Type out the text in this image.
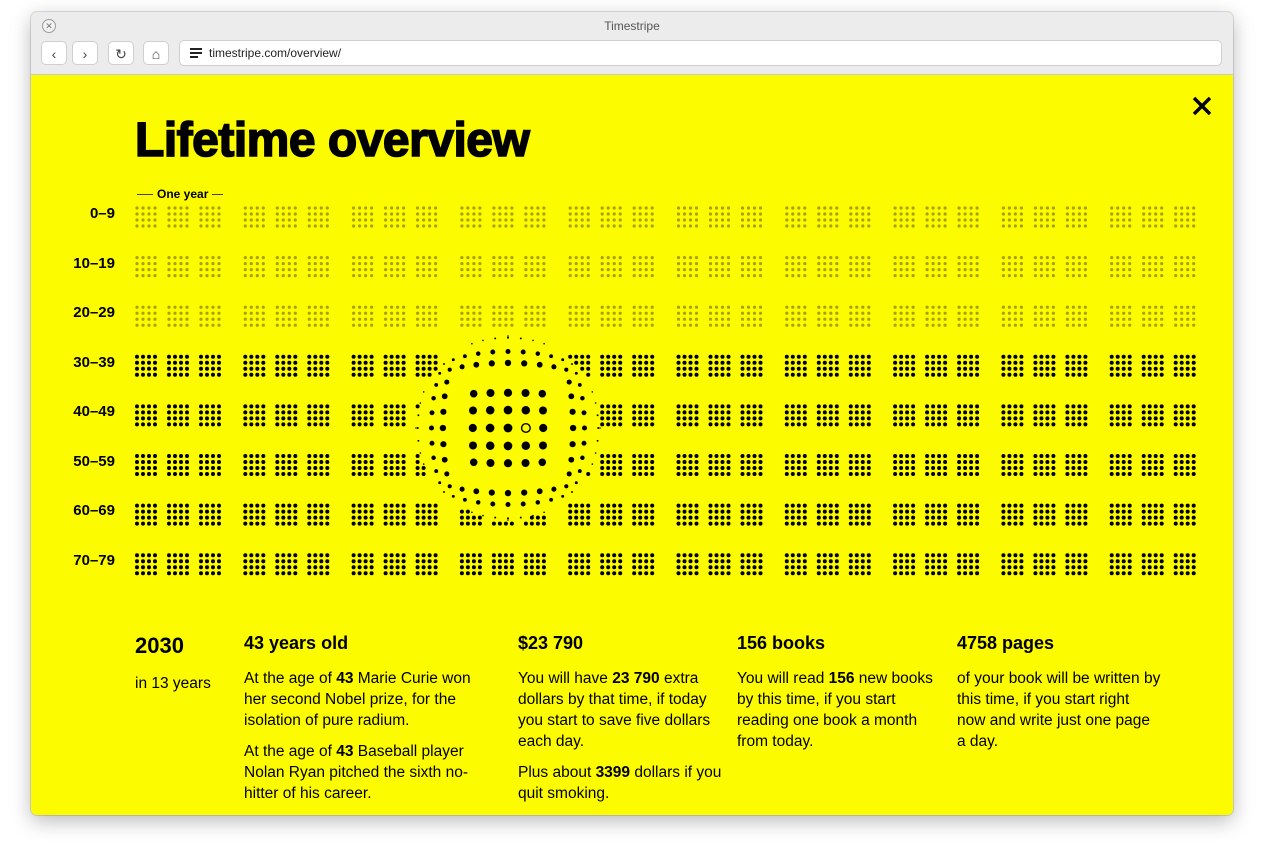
✕	Timestripe
‹	›	↻	⌂	timestripe.com/overview/
Lifetime overview
One year
0–9
10–19
20–29
30–39
40–49
50–59
60–69
70–79
2030

in 13 years

43 years old

At the age of 43 Marie Curie won her second Nobel prize, for the isolation of pure radium.

At the age of 43 Baseball player Nolan Ryan pitched the sixth no-hitter of his career.

$23 790

You will have 23 790 extra dollars by that time, if today you start to save five dollars each day.

Plus about 3399 dollars if you quit smoking.

156 books

You will read 156 new books by this time, if you start reading one book a month from today.

4758 pages

of your book will be written by this time, if you start right now and write just one page a day.
